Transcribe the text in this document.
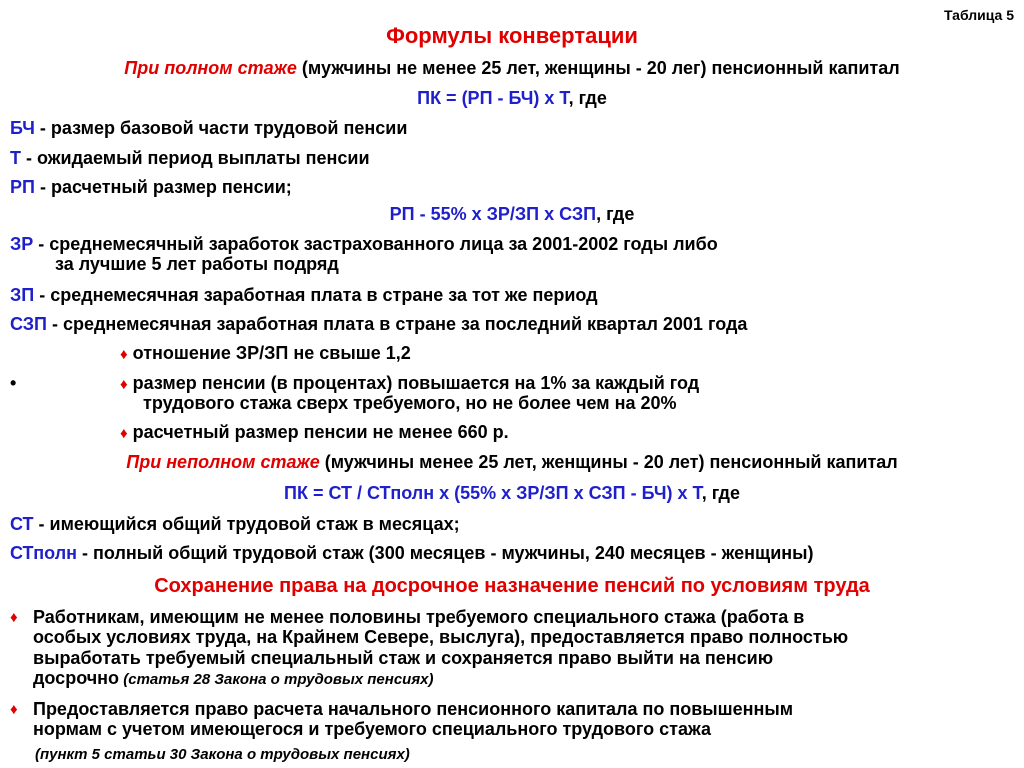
Таблица 5
Формулы конвертации
При полном стаже (мужчины не менее 25 лет, женщины - 20 лег) пенсионный капитал
ПК = (РП - БЧ) х Т, где
БЧ - размер базовой части трудовой пенсии
Т - ожидаемый период выплаты пенсии
РП - расчетный размер пенсии;
РП - 55% х ЗР/ЗП х СЗП, где
ЗР - среднемесячный заработок застрахованного лица за 2001-2002 годы либо
за лучшие 5 лет работы подряд
ЗП - среднемесячная заработная плата в стране за тот же период
СЗП - среднемесячная заработная плата в стране за последний квартал 2001 года
♦ отношение ЗР/ЗП не свыше 1,2
•	♦ размер пенсии (в процентах) повышается на 1% за каждый год
трудового стажа сверх требуемого, но не более чем на 20%
♦ расчетный размер пенсии не менее 660 р.
При неполном стаже (мужчины менее 25 лет, женщины - 20 лет) пенсионный капитал
ПК = СТ / СТполн х (55% х ЗР/ЗП х СЗП - БЧ) х Т, где
СТ - имеющийся общий трудовой стаж в месяцах;
СТполн - полный общий трудовой стаж (300 месяцев - мужчины, 240 месяцев - женщины)
Сохранение права на досрочное назначение пенсий по условиям труда
♦ Работникам, имеющим не менее половины требуемого специального стажа (работа в
особых условиях труда, на Крайнем Севере, выслуга), предоставляется право полностью
выработать требуемый специальный стаж и сохраняется право выйти на пенсию
досрочно (статья 28 Закона о трудовых пенсиях)
♦ Предоставляется право расчета начального пенсионного капитала по повышенным
нормам с учетом имеющегося и требуемого специального трудового стажа
(пункт 5 статьи 30 Закона о трудовых пенсиях)
